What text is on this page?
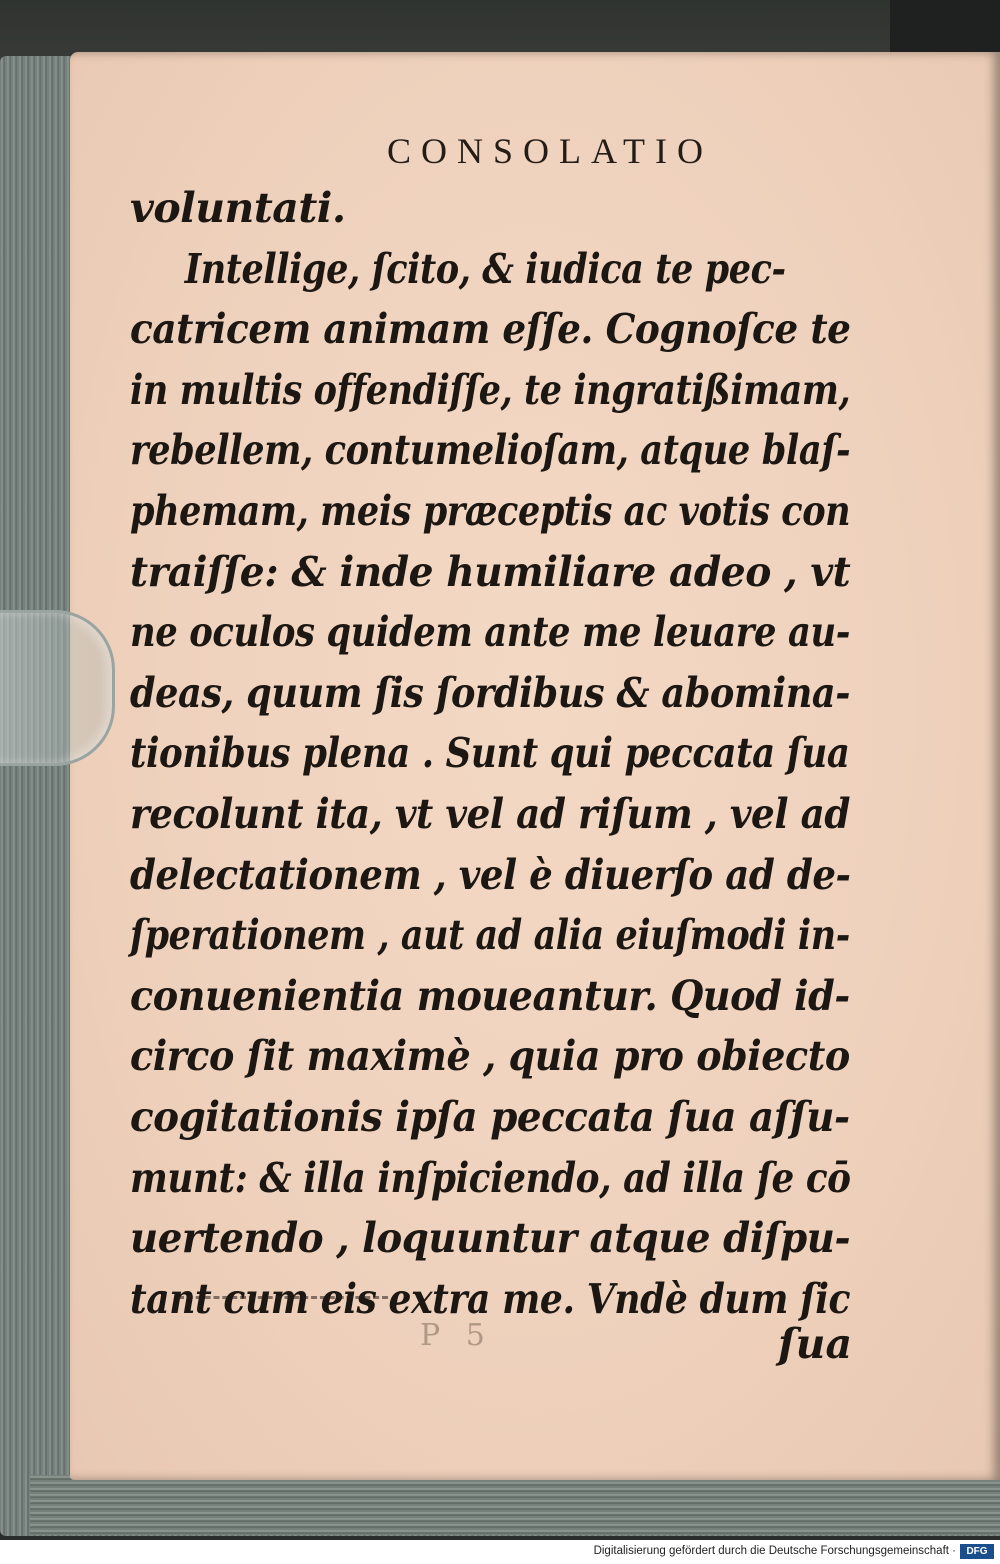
CONSOLATIO
voluntati.
Intellige, ſcito, & iudica te pec-
catricem animam eſſe. Cognoſce te
in multis offendiſſe, te ingratißimam,
rebellem, contumelioſam, atque blaſ-
phemam, meis præceptis ac votis con
traiſſe: & inde humiliare adeo , vt
ne oculos quidem ante me leuare au-
deas, quum ſis ſordibus & abomina-
tionibus plena . Sunt qui peccata ſua
recolunt ita, vt vel ad riſum , vel ad
delectationem , vel è diuerſo ad de-
ſperationem , aut ad alia eiuſmodi in-
conuenientia moueantur. Quod id-
circo ſit maximè , quia pro obiecto
cogitationis ipſa peccata ſua aſſu-
munt: & illa inſpiciendo, ad illa ſe cō
uertendo , loquuntur atque diſpu-
tant cum eis extra me. Vndè dum ſic
P 5	ſua
Digitalisierung gefördert durch die Deutsche Forschungsgemeinschaft ·	DFG
